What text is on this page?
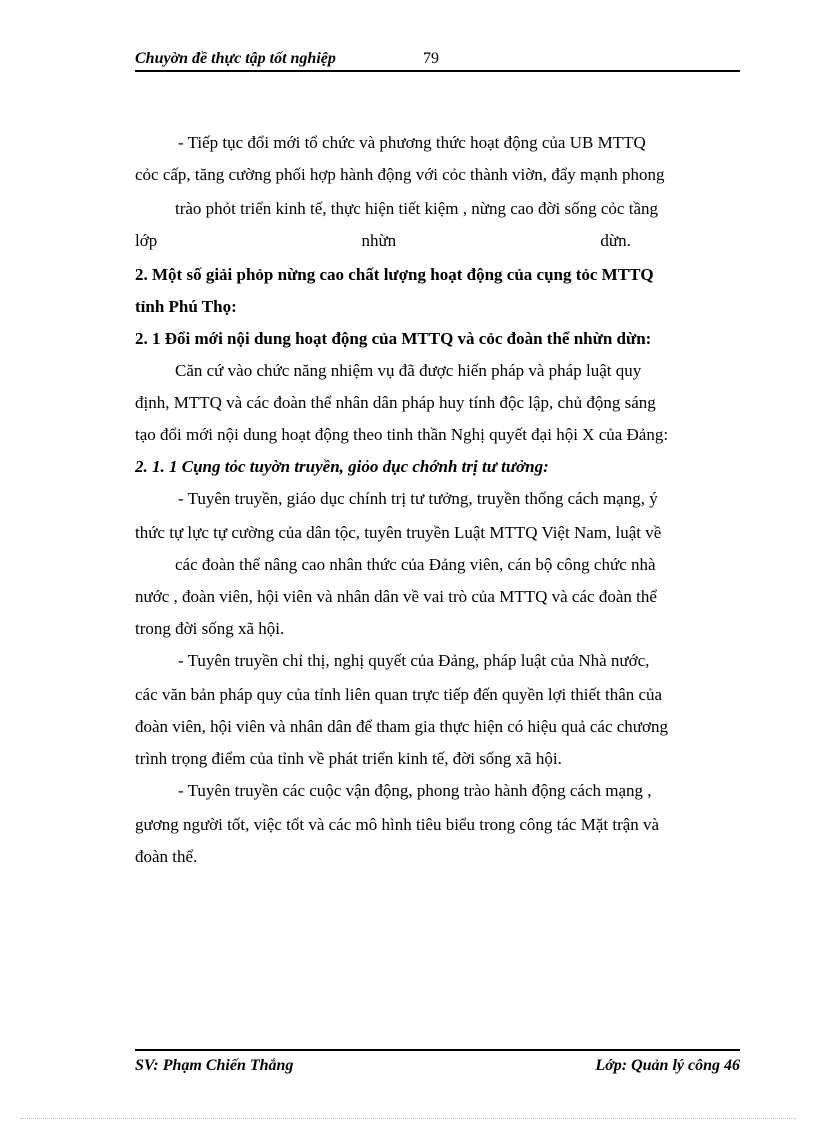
Chuyờn đề thực tập tốt nghiệp	79
- Tiếp tục đổi mới tổ chức và phương thức hoạt động của UB MTTQ
cỏc cấp, tăng cường phối hợp hành động với cỏc thành viờn, đẩy mạnh phong
trào phỏt triển kinh tế, thực hiện tiết kiệm , nừng cao đời sống cỏc tầng
lớp nhừn dừn.
2. Một số giải phỏp nừng cao chất lượng hoạt động của cụng tỏc MTTQ
tỉnh Phú Thọ:
2. 1 Đổi mới nội dung hoạt động của MTTQ và cỏc đoàn thể nhừn dừn:
Căn cứ vào chức năng nhiệm vụ đã được hiến pháp và pháp luật quy
định, MTTQ và các đoàn thể nhân dân pháp huy tính độc lập, chủ động sáng
tạo đổi mới nội dung hoạt động theo tinh thần Nghị quyết đại hội X của Đảng:
2. 1. 1 Cụng tỏc tuyờn truyền, giỏo dục chớnh trị tư tưởng:
- Tuyên truyền, giáo dục chính trị tư tưởng, truyền thống cách mạng, ý
thức tự lực tự cường của dân tộc, tuyên truyền Luật MTTQ Việt Nam, luật về
các đoàn thể nâng cao nhân thức của Đảng viên, cán bộ công chức nhà
nước , đoàn viên, hội viên và nhân dân về vai trò của MTTQ và các đoàn thể
trong đời sống xã hội.
- Tuyên truyền chỉ thị, nghị quyết của Đảng, pháp luật của Nhà nước,
các văn bản pháp quy của tỉnh liên quan trực tiếp đến quyền lợi thiết thân của
đoàn viên, hội viên và nhân dân để tham gia thực hiện có hiệu quả các chương
trình trọng điểm của tỉnh về phát triển kinh tế, đời sống xã hội.
- Tuyên truyền các cuộc vận động, phong trào hành động cách mạng ,
gương người tốt, việc tốt và các mô hình tiêu biểu trong công tác Mặt trận và
đoàn thể.
SV: Phạm Chiến Thắng	Lớp: Quản lý công 46
